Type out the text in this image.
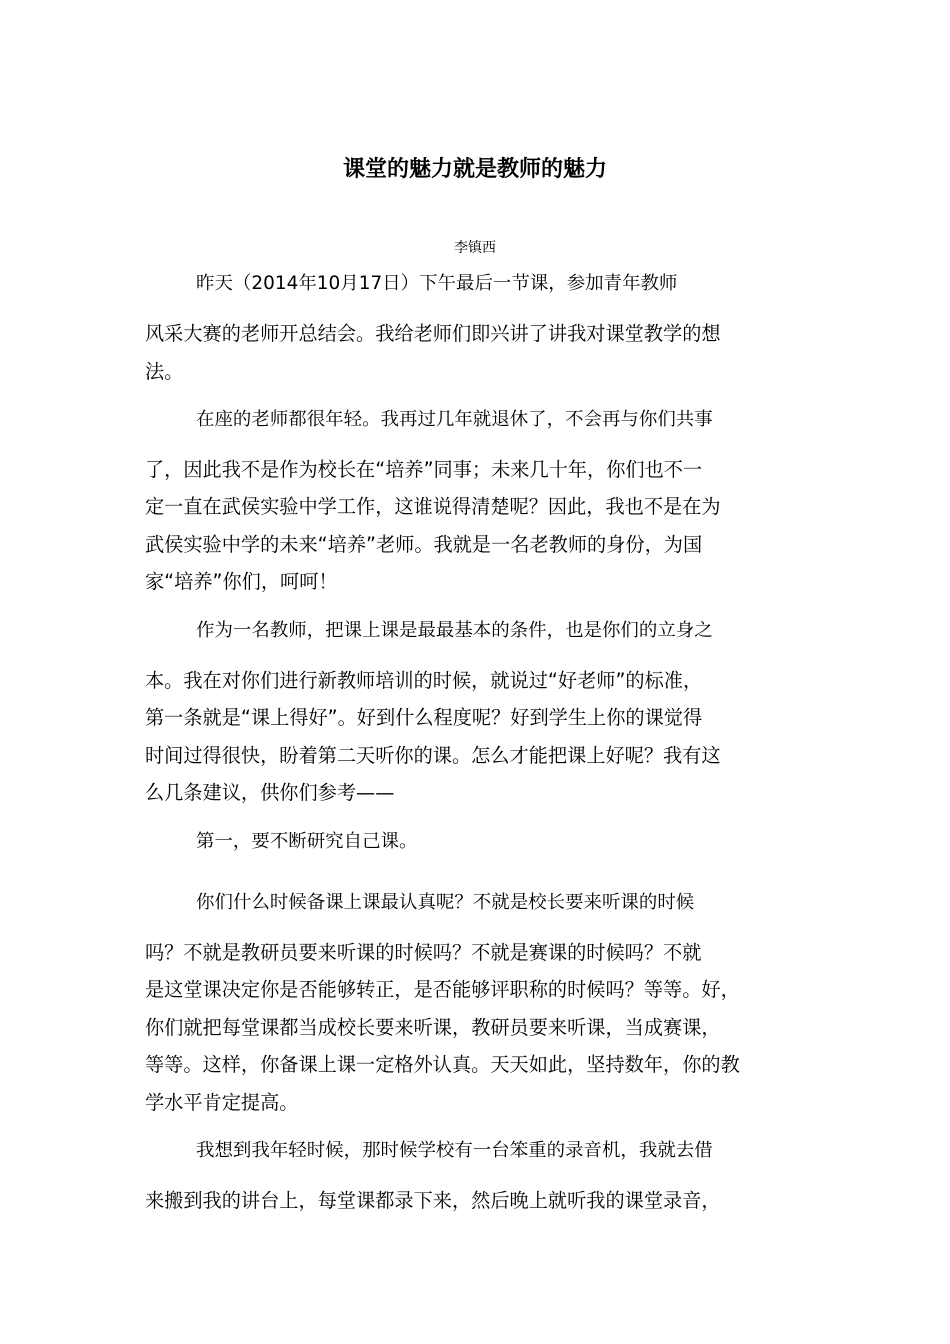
课堂的魅力就是教师的魅力
李镇西
昨天（2014年10月17日）下午最后一节课，参加青年教师
风采大赛的老师开总结会。我给老师们即兴讲了讲我对课堂教学的想
法。
在座的老师都很年轻。我再过几年就退休了，不会再与你们共事
了，因此我不是作为校长在“培养”同事；未来几十年，你们也不一
定一直在武侯实验中学工作，这谁说得清楚呢？因此，我也不是在为
武侯实验中学的未来“培养”老师。我就是一名老教师的身份，为国
家“培养”你们，呵呵！
作为一名教师，把课上课是最最基本的条件，也是你们的立身之
本。我在对你们进行新教师培训的时候，就说过“好老师”的标准，
第一条就是“课上得好”。好到什么程度呢？好到学生上你的课觉得
时间过得很快，盼着第二天听你的课。怎么才能把课上好呢？我有这
么几条建议，供你们参考——
第一，要不断研究自己课。
你们什么时候备课上课最认真呢？不就是校长要来听课的时候
吗？不就是教研员要来听课的时候吗？不就是赛课的时候吗？不就
是这堂课决定你是否能够转正，是否能够评职称的时候吗？等等。好，
你们就把每堂课都当成校长要来听课，教研员要来听课，当成赛课，
等等。这样，你备课上课一定格外认真。天天如此，坚持数年，你的教
学水平肯定提高。
我想到我年轻时候，那时候学校有一台笨重的录音机，我就去借
来搬到我的讲台上，每堂课都录下来，然后晚上就听我的课堂录音，
